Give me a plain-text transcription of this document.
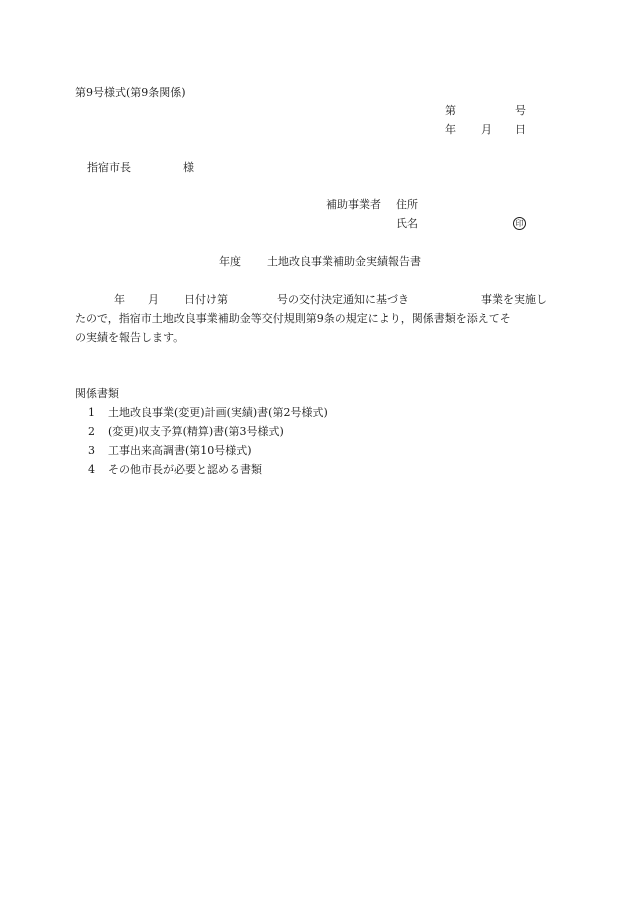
第9号様式(第9条関係)
第	号
年 月 日
指宿市長	様
補助事業者 住所
氏名	印
年度 土地改良事業補助金実績報告書
年 月 日付け第	号の交付決定通知に基づき	事業を実施し
たので，指宿市土地改良事業補助金等交付規則第9条の規定により，関係書類を添えてそ
の実績を報告します。
関係書類
1 土地改良事業(変更)計画(実績)書(第2号様式)
2 (変更)収支予算(精算)書(第3号様式)
3 工事出来高調書(第10号様式)
4 その他市長が必要と認める書類
